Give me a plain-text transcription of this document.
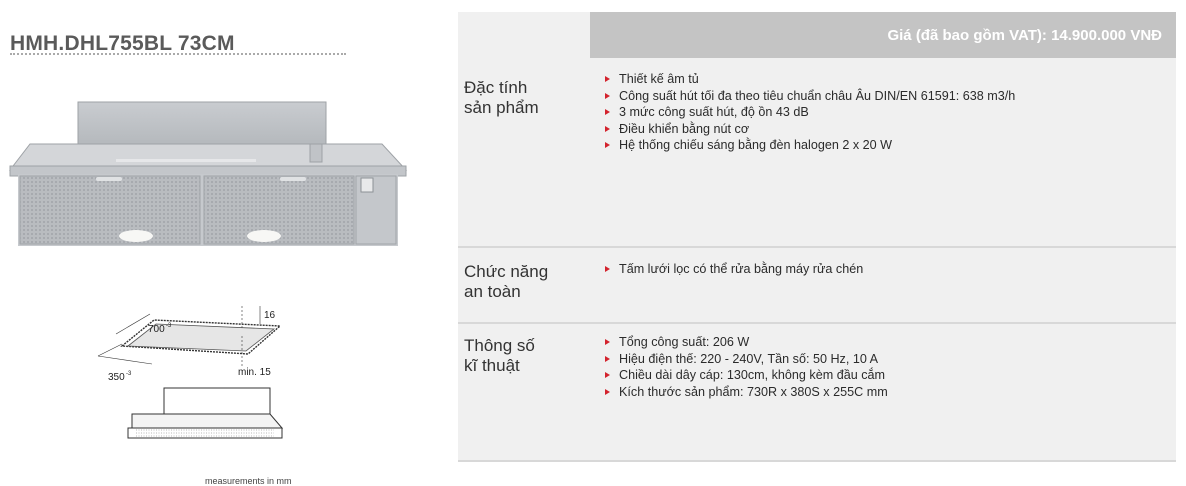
HMH.DHL755BL 73CM
700 -3
350 -3
16
min. 15
measurements in mm
Giá (đã bao gồm VAT): 14.900.000 VNĐ
Đặc tính
sản phẩm
Thiết kế âm tủ
Công suất hút tối đa theo tiêu chuẩn châu Âu DIN/EN 61591: 638 m3/h
3 mức công suất hút, độ ồn 43 dB
Điều khiển bằng nút cơ
Hệ thống chiếu sáng bằng đèn halogen 2 x 20 W
Chức năng
an toàn
Tấm lưới lọc có thể rửa bằng máy rửa chén
Thông số
kĩ thuật
Tổng công suất: 206 W
Hiệu điện thế: 220 - 240V, Tần số: 50 Hz, 10 A
Chiều dài dây cáp: 130cm, không kèm đầu cắm
Kích thước sản phẩm: 730R x 380S x 255C mm
